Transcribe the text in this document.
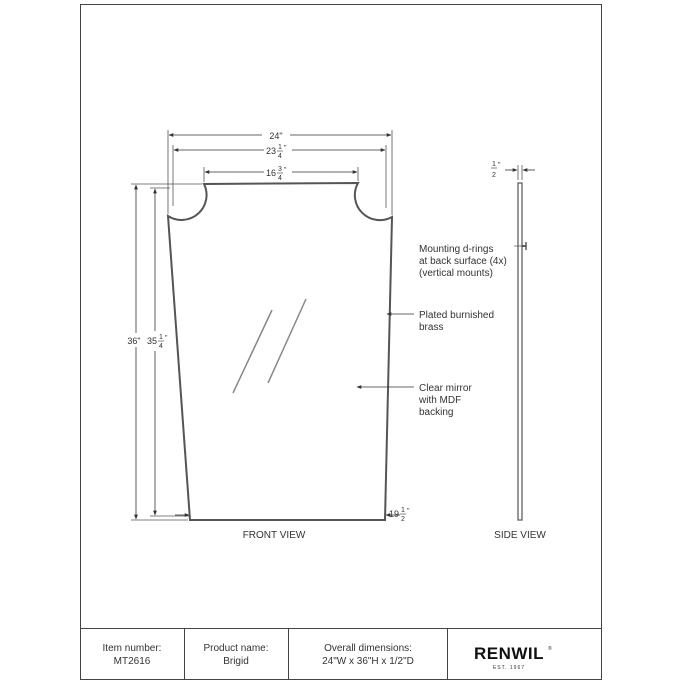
24"
23 1
4
"
16 3
4
"
36" 35 1
4
"
19 1
2
"
FRONT VIEW
Mounting d-rings
at back surface (4x)
(vertical mounts)
Plated burnished
brass
Clear mirror
with MDF
backing
1
2
"
SIDE VIEW
Item number:
MT2616
Product name:
Brigid
Overall dimensions:
24"W x 36"H x 1/2"D	RENWIL ®
EST. 1967
